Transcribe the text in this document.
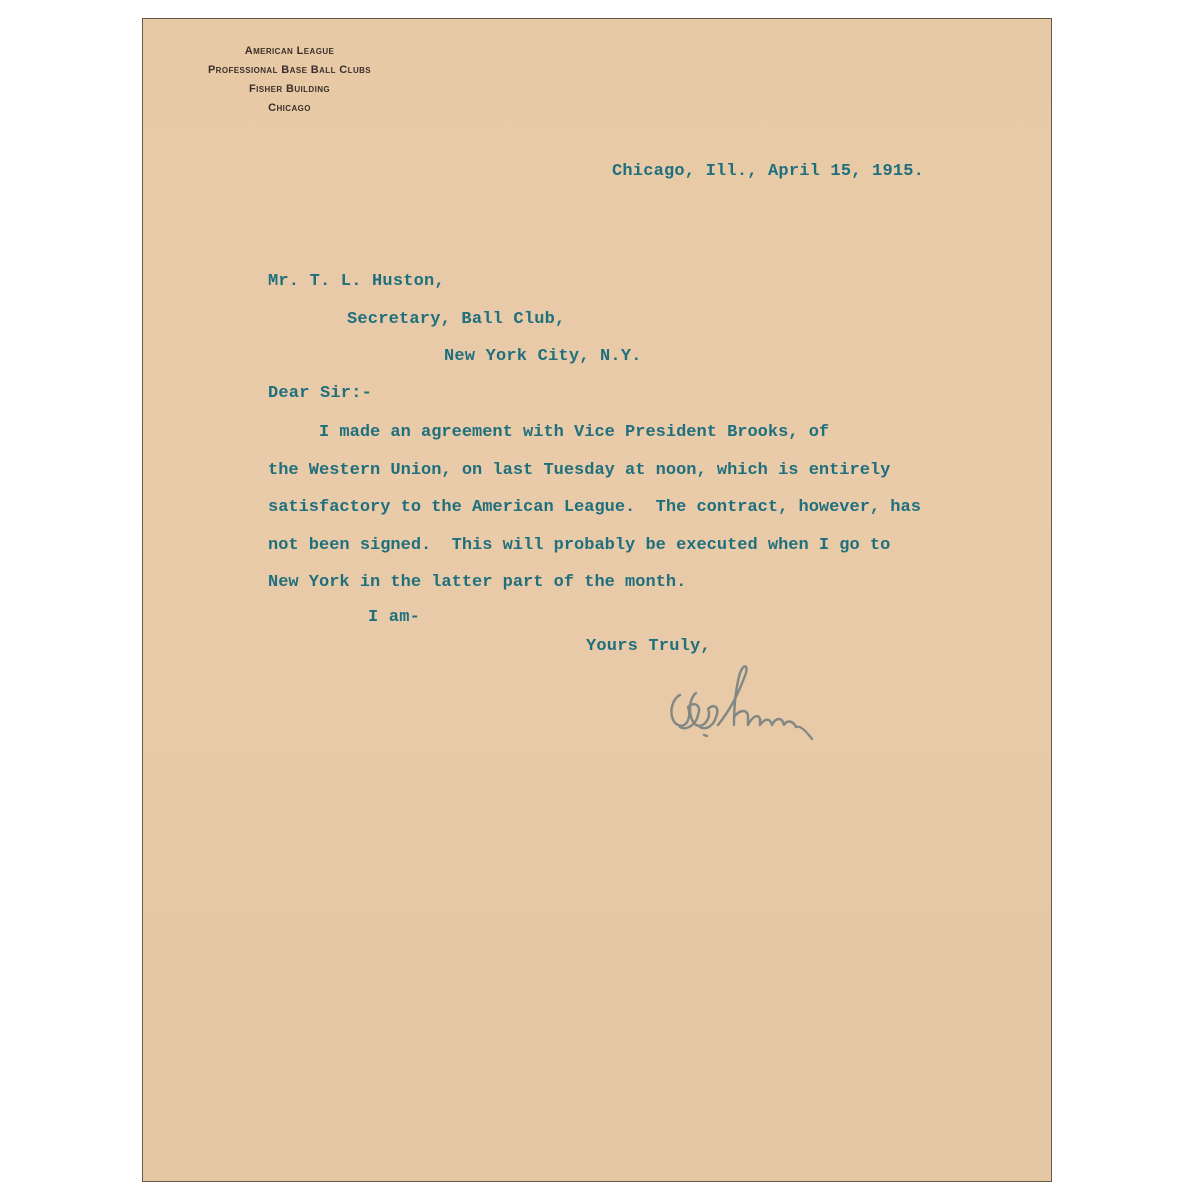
American League
Professional Base Ball Clubs
Fisher Building
Chicago
Chicago, Ill., April 15, 1915.
Mr. T. L. Huston,
Secretary, Ball Club,
New York City, N.Y.
Dear Sir:-
I made an agreement with Vice President Brooks, of
the Western Union, on last Tuesday at noon, which is entirely
satisfactory to the American League.  The contract, however, has
not been signed.  This will probably be executed when I go to
New York in the latter part of the month.
I am-
Yours Truly,
